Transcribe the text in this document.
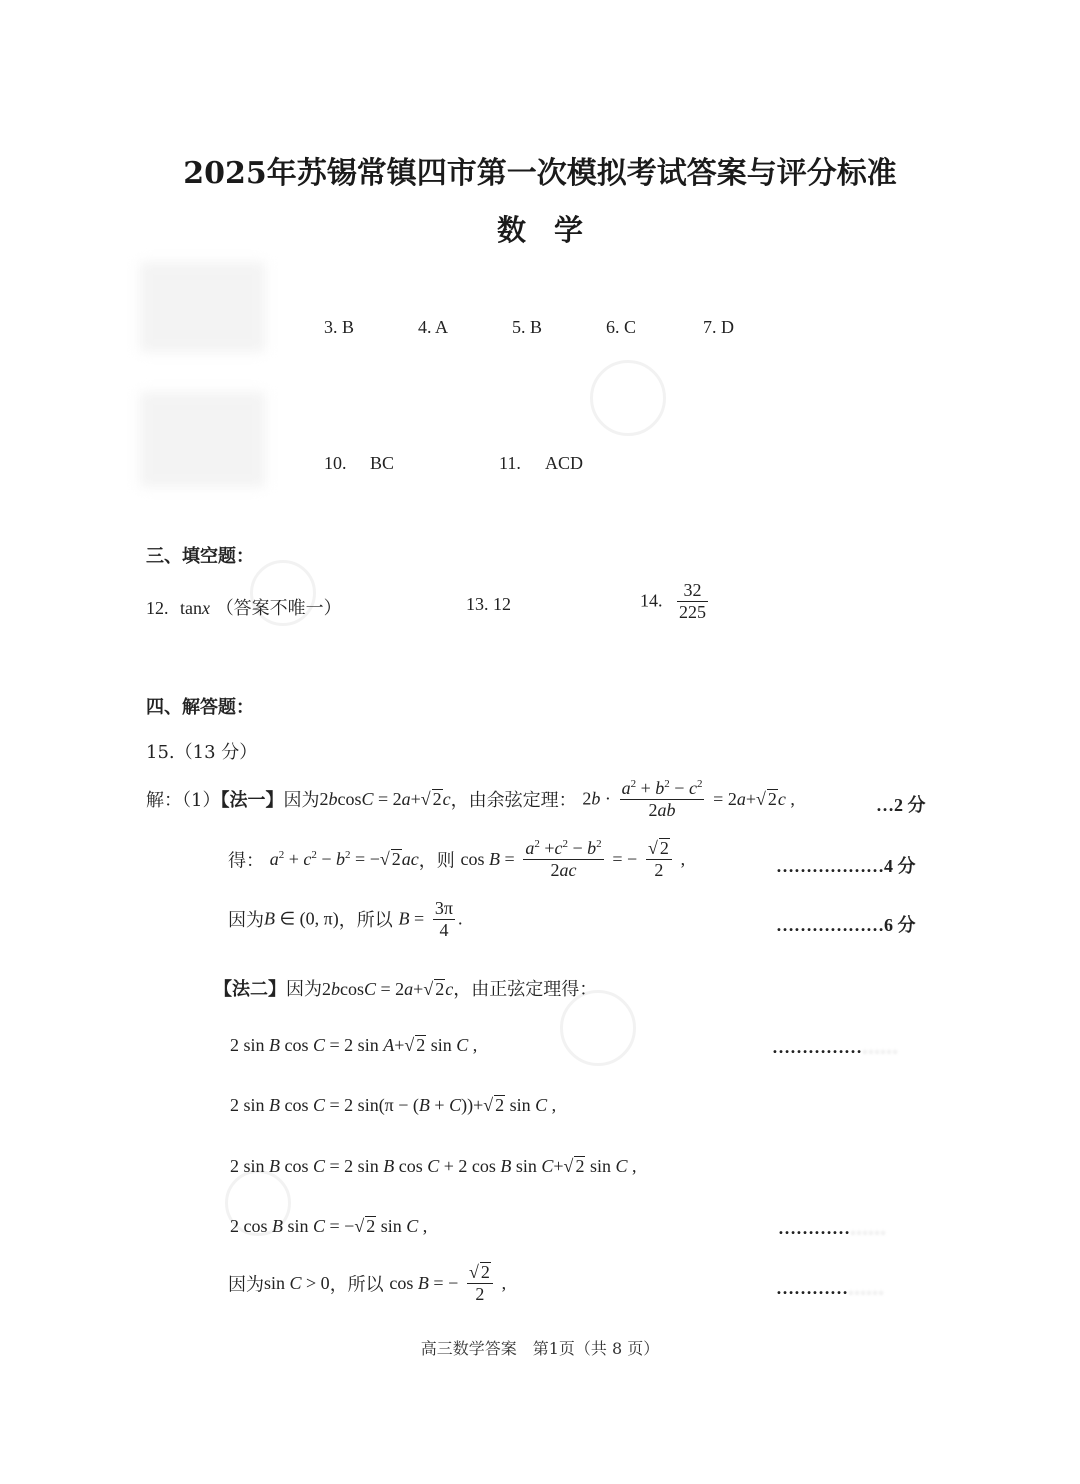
2025年苏锡常镇四市第一次模拟考试答案与评分标准
数学
3. B	4. A	5. B	6. C	7. D
10. BC	11. ACD
三、填空题：
12. tanx （答案不唯一）	13. 12	14. $\frac{32}{225}$
四、解答题：
15.（13 分）
解：（1）【法一】因为2bcosC = 2a+√ 2c，由余弦定理： $2b \cdot \frac{a^2 + b^2 - c^2}{2ab} = 2a+√$ 2c ,	…2 分
得： $a^2 + c^2 - b^2$ = −√ 2ac，则 $\cos B = \frac{a^2 +c^2 - b^2}{2ac}$ = − $\frac{√ 2}{2}$ ,	………………4 分
因为B ∈ (0, π)，所以 $B = \frac{3\pi}{4}$ .	………………6 分
【法二】因为2bcosC = 2a+√ 2c，由正弦定理得：
2 sin B cos C = 2 sin A+√ 2 sin C ,	…………………
2 sin B cos C = 2 sin(π − (B + C))+√ 2 sin C ,
2 sin B cos C = 2 sin B cos C + 2 cos B sin C+√ 2 sin C ,
2 cos B sin C = −√ 2 sin C ,	………………
因为sin C > 0，所以 cos B = − $\frac{√ 2}{2}$ ,	………………
高三数学答案　第1页（共 8 页）
